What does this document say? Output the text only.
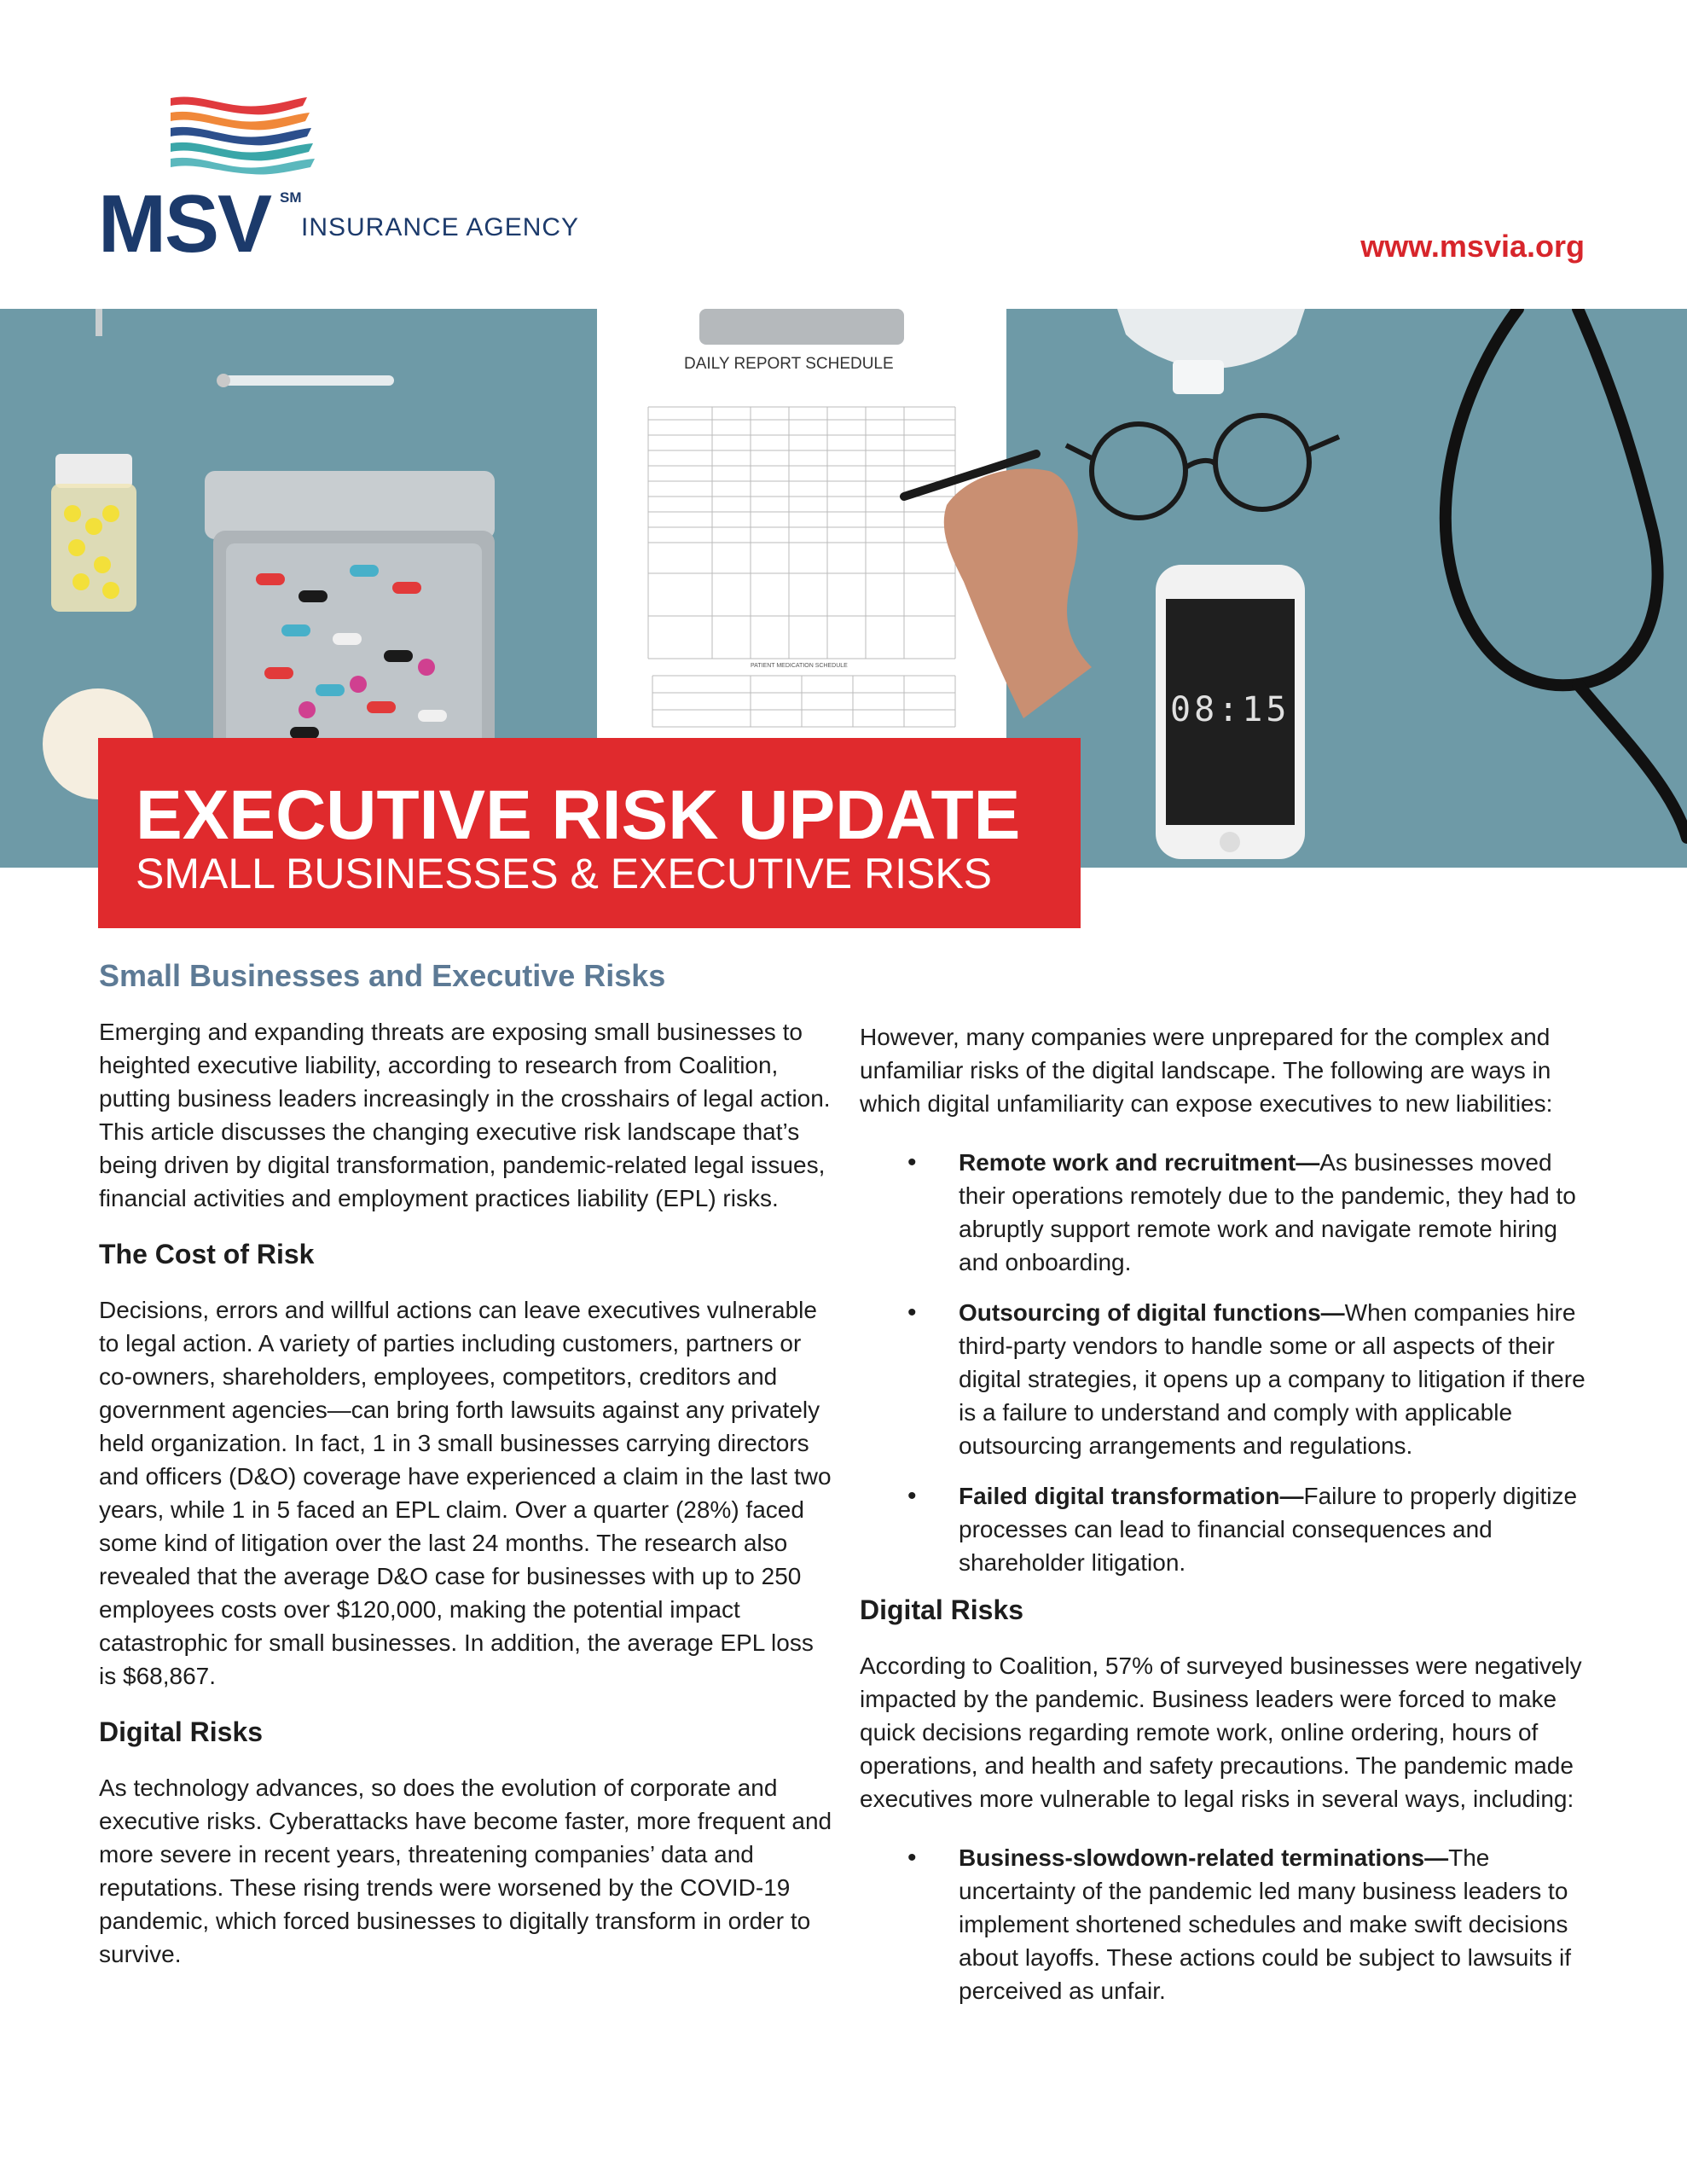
MSV SM
INSURANCE AGENCY
www.msvia.org
DAILY REPORT SCHEDULE
PATIENT MEDICATION SCHEDULE
08:15
EXECUTIVE RISK UPDATE
SMALL BUSINESSES & EXECUTIVE RISKS
Small Businesses and Executive Risks

Emerging and expanding threats are exposing small businesses to heighted executive liability, according to research from Coalition, putting business leaders increasingly in the crosshairs of legal action. This article discusses the changing executive risk landscape that’s being driven by digital transformation, pandemic-related legal issues, financial activities and employment practices liability (EPL) risks.

The Cost of Risk

Decisions, errors and willful actions can leave executives vulnerable to legal action. A variety of parties including customers, partners or co-owners, shareholders, employees, competitors, creditors and government agencies—can bring forth lawsuits against any privately held organization. In fact, 1 in 3 small businesses carrying directors and officers (D&O) coverage have experienced a claim in the last two years, while 1 in 5 faced an EPL claim. Over a quarter (28%) faced some kind of litigation over the last 24 months. The research also revealed that the average D&O case for businesses with up to 250 employees costs over $120,000, making the potential impact catastrophic for small businesses. In addition, the average EPL loss is $68,867.

Digital Risks

As technology advances, so does the evolution of corporate and executive risks. Cyberattacks have become faster, more frequent and more severe in recent years, threatening companies’ data and reputations. These rising trends were worsened by the COVID-19 pandemic, which forced businesses to digitally transform in order to survive.

However, many companies were unprepared for the complex and unfamiliar risks of the digital landscape. The following are ways in which digital unfamiliarity can expose executives to new liabilities:

• Remote work and recruitment—As businesses moved their operations remotely due to the pandemic, they had to abruptly support remote work and navigate remote hiring and onboarding.
• Outsourcing of digital functions—When companies hire third-party vendors to handle some or all aspects of their digital strategies, it opens up a company to litigation if there is a failure to understand and comply with applicable outsourcing arrangements and regulations.
• Failed digital transformation—Failure to properly digitize processes can lead to financial consequences and shareholder litigation.
Digital Risks

According to Coalition, 57% of surveyed businesses were negatively impacted by the pandemic. Business leaders were forced to make quick decisions regarding remote work, online ordering, hours of operations, and health and safety precautions. The pandemic made executives more vulnerable to legal risks in several ways, including:

• Business-slowdown-related terminations—The uncertainty of the pandemic led many business leaders to implement shortened schedules and make swift decisions about layoffs. These actions could be subject to lawsuits if perceived as unfair.
